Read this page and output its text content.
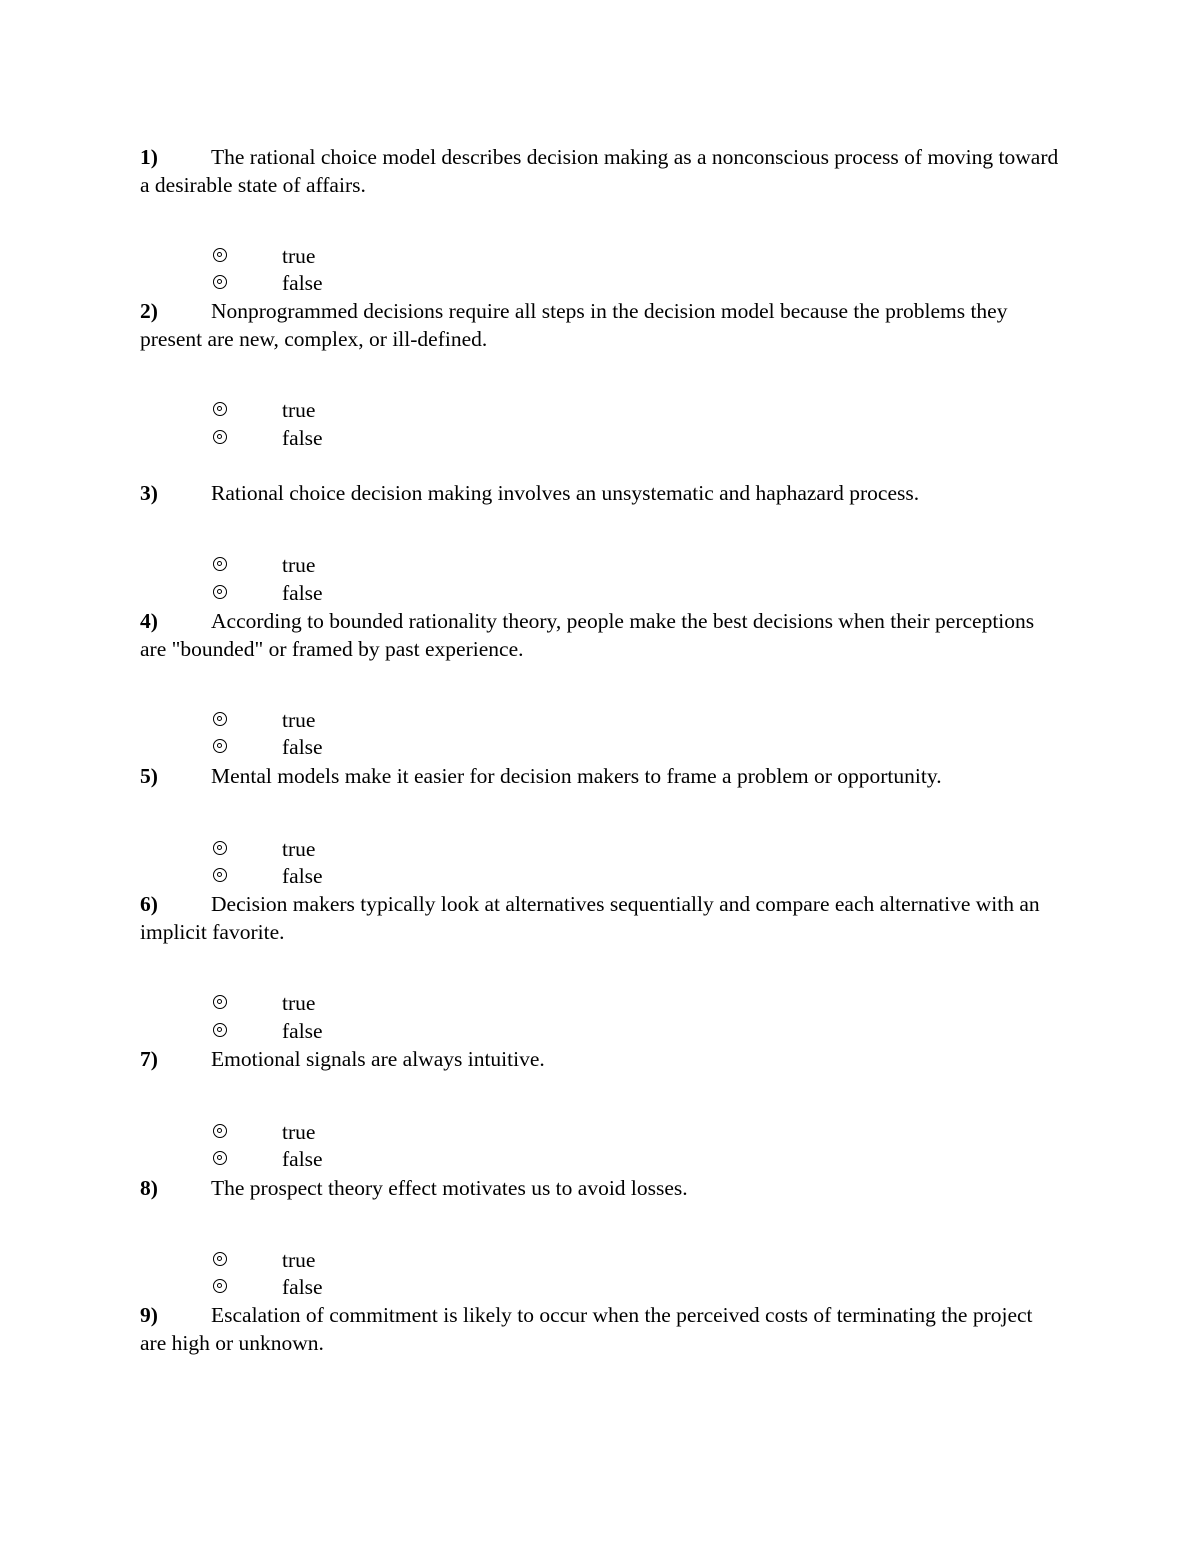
1) The rational choice model describes decision making as a nonconscious process of moving toward a desirable state of affairs.
true
false
2) Nonprogrammed decisions require all steps in the decision model because the problems they present are new, complex, or ill-defined.
true
false
3) Rational choice decision making involves an unsystematic and haphazard process.
true
false
4) According to bounded rationality theory, people make the best decisions when their perceptions are "bounded" or framed by past experience.
true
false
5) Mental models make it easier for decision makers to frame a problem or opportunity.
true
false
6) Decision makers typically look at alternatives sequentially and compare each alternative with an implicit favorite.
true
false
7) Emotional signals are always intuitive.
true
false
8) The prospect theory effect motivates us to avoid losses.
true
false
9) Escalation of commitment is likely to occur when the perceived costs of terminating the project are high or unknown.
